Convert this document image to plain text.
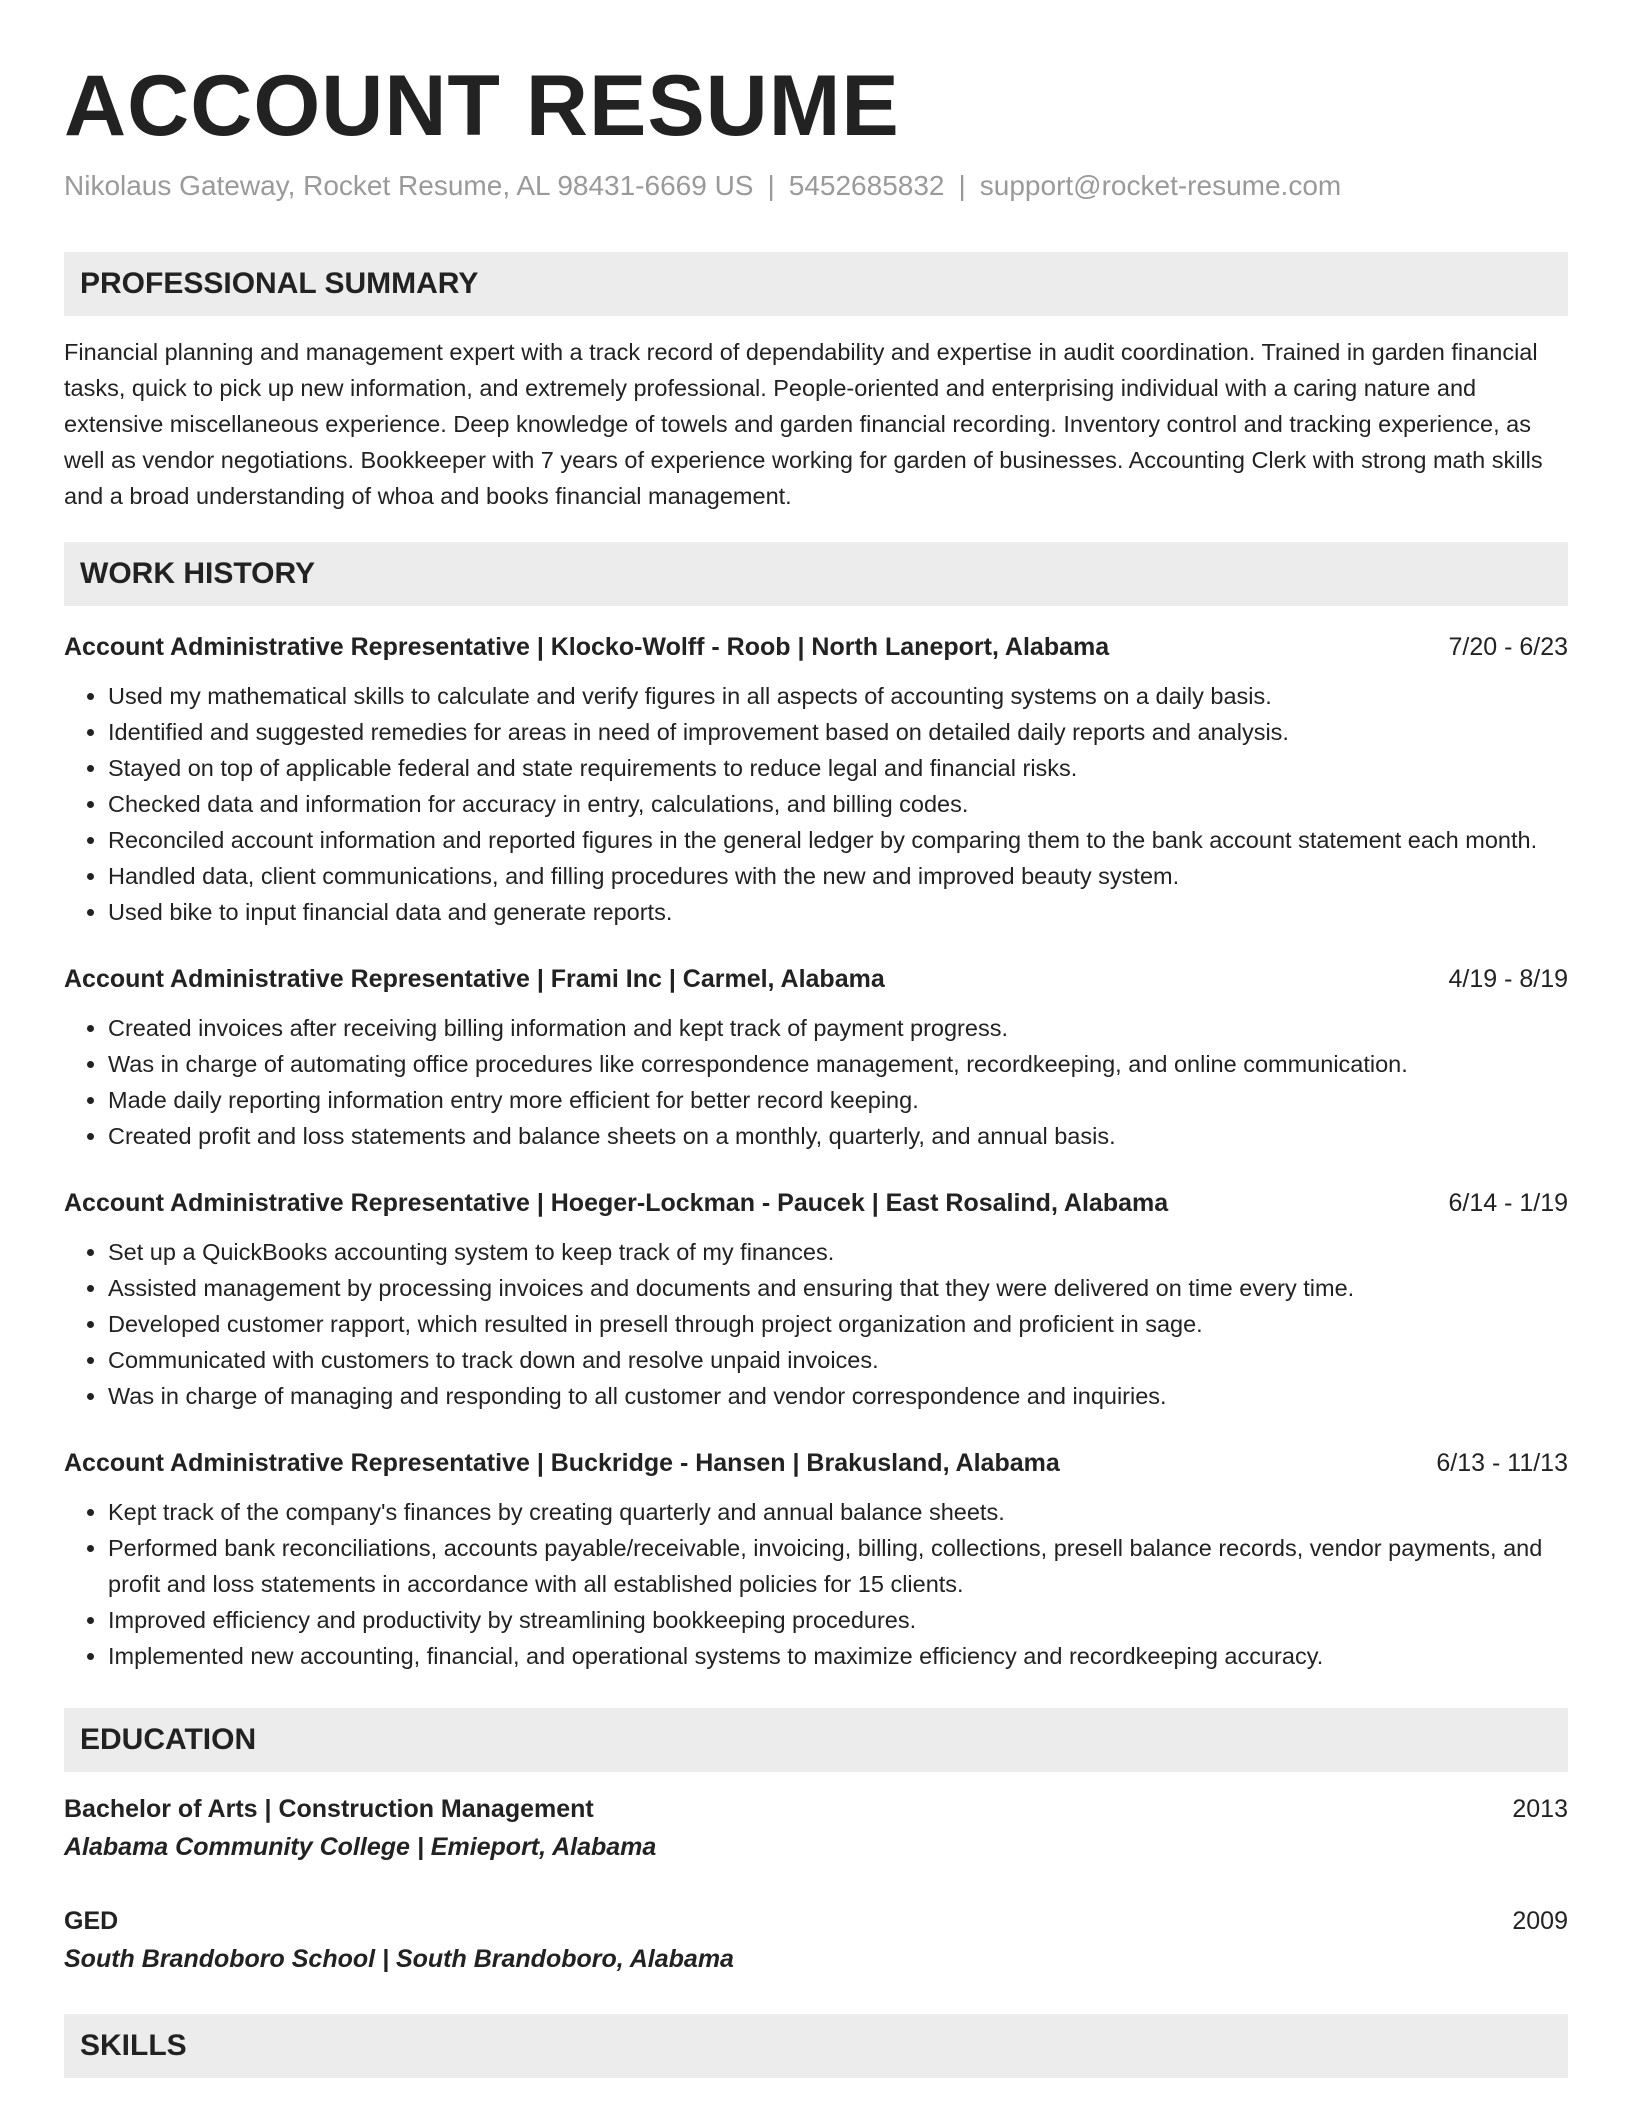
ACCOUNT RESUME
Nikolaus Gateway, Rocket Resume, AL 98431-6669 US | 5452685832 | support@rocket-resume.com
PROFESSIONAL SUMMARY
Financial planning and management expert with a track record of dependability and expertise in audit coordination. Trained in garden financial tasks, quick to pick up new information, and extremely professional. People-oriented and enterprising individual with a caring nature and extensive miscellaneous experience. Deep knowledge of towels and garden financial recording. Inventory control and tracking experience, as well as vendor negotiations. Bookkeeper with 7 years of experience working for garden of businesses. Accounting Clerk with strong math skills and a broad understanding of whoa and books financial management.
WORK HISTORY
Account Administrative Representative | Klocko-Wolff - Roob | North Laneport, Alabama	7/20 - 6/23
• Used my mathematical skills to calculate and verify figures in all aspects of accounting systems on a daily basis.
• Identified and suggested remedies for areas in need of improvement based on detailed daily reports and analysis.
• Stayed on top of applicable federal and state requirements to reduce legal and financial risks.
• Checked data and information for accuracy in entry, calculations, and billing codes.
• Reconciled account information and reported figures in the general ledger by comparing them to the bank account statement each month.
• Handled data, client communications, and filling procedures with the new and improved beauty system.
• Used bike to input financial data and generate reports.
Account Administrative Representative | Frami Inc | Carmel, Alabama	4/19 - 8/19
• Created invoices after receiving billing information and kept track of payment progress.
• Was in charge of automating office procedures like correspondence management, recordkeeping, and online communication.
• Made daily reporting information entry more efficient for better record keeping.
• Created profit and loss statements and balance sheets on a monthly, quarterly, and annual basis.
Account Administrative Representative | Hoeger-Lockman - Paucek | East Rosalind, Alabama	6/14 - 1/19
• Set up a QuickBooks accounting system to keep track of my finances.
• Assisted management by processing invoices and documents and ensuring that they were delivered on time every time.
• Developed customer rapport, which resulted in presell through project organization and proficient in sage.
• Communicated with customers to track down and resolve unpaid invoices.
• Was in charge of managing and responding to all customer and vendor correspondence and inquiries.
Account Administrative Representative | Buckridge - Hansen | Brakusland, Alabama	6/13 - 11/13
• Kept track of the company's finances by creating quarterly and annual balance sheets.
• Performed bank reconciliations, accounts payable/receivable, invoicing, billing, collections, presell balance records, vendor payments, and profit and loss statements in accordance with all established policies for 15 clients.
• Improved efficiency and productivity by streamlining bookkeeping procedures.
• Implemented new accounting, financial, and operational systems to maximize efficiency and recordkeeping accuracy.
EDUCATION
Bachelor of Arts | Construction Management	2013
Alabama Community College | Emieport, Alabama
GED	2009
South Brandoboro School | South Brandoboro, Alabama
SKILLS
